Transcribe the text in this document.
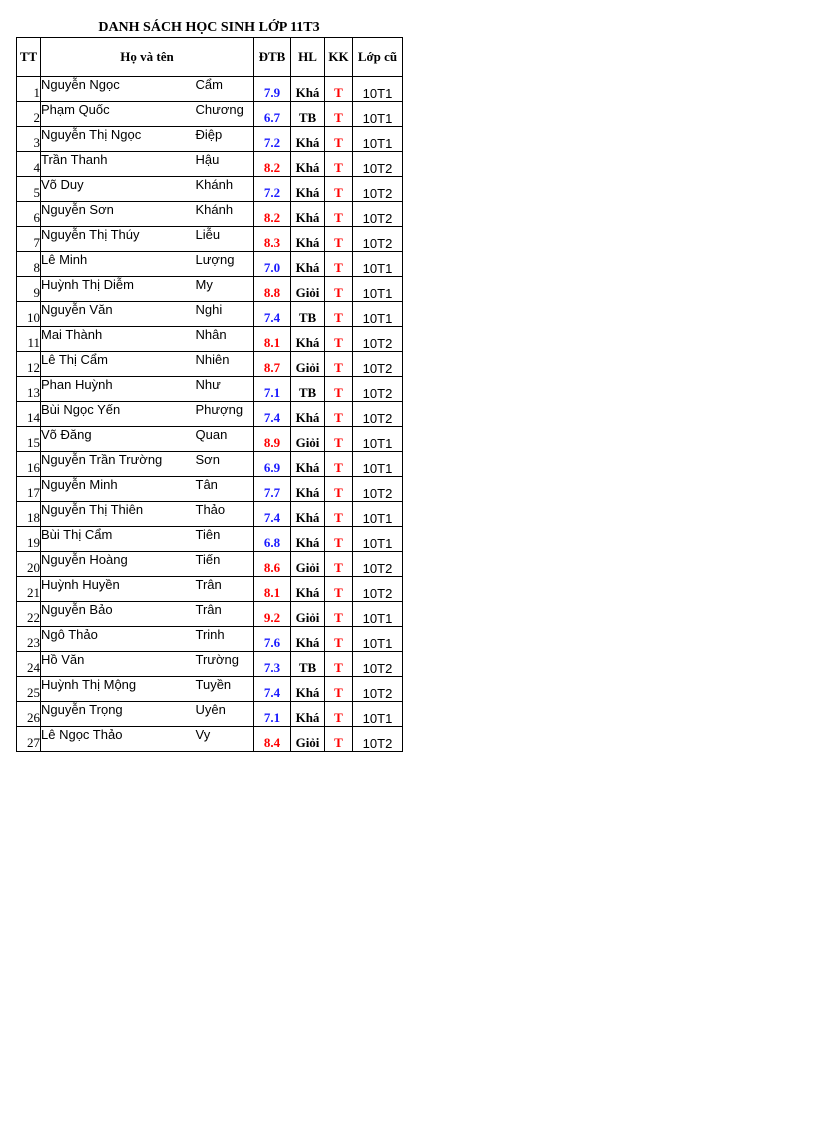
DANH SÁCH HỌC SINH LỚP 11T3
TT	Họ và tên		ĐTB	HL	KK	Lớp cũ
1	Nguyễn Ngọc	Cẩm	7.9	Khá	T	10T1
2	Phạm Quốc	Chương	6.7	TB	T	10T1
3	Nguyễn Thị Ngọc	Điệp	7.2	Khá	T	10T1
4	Trần Thanh	Hậu	8.2	Khá	T	10T2
5	Võ Duy	Khánh	7.2	Khá	T	10T2
6	Nguyễn Sơn	Khánh	8.2	Khá	T	10T2
7	Nguyễn Thị Thúy	Liễu	8.3	Khá	T	10T2
8	Lê Minh	Lượng	7.0	Khá	T	10T1
9	Huỳnh Thị Diễm	My	8.8	Giỏi	T	10T1
10	Nguyễn Văn	Nghi	7.4	TB	T	10T1
11	Mai Thành	Nhân	8.1	Khá	T	10T2
12	Lê Thị Cẩm	Nhiên	8.7	Giỏi	T	10T2
13	Phan Huỳnh	Như	7.1	TB	T	10T2
14	Bùi Ngọc Yến	Phượng	7.4	Khá	T	10T2
15	Võ Đăng	Quan	8.9	Giỏi	T	10T1
16	Nguyễn Trần Trường	Sơn	6.9	Khá	T	10T1
17	Nguyễn Minh	Tân	7.7	Khá	T	10T2
18	Nguyễn Thị Thiên	Thảo	7.4	Khá	T	10T1
19	Bùi Thị Cẩm	Tiên	6.8	Khá	T	10T1
20	Nguyễn Hoàng	Tiến	8.6	Giỏi	T	10T2
21	Huỳnh Huyền	Trân	8.1	Khá	T	10T2
22	Nguyễn Bảo	Trân	9.2	Giỏi	T	10T1
23	Ngô Thảo	Trinh	7.6	Khá	T	10T1
24	Hồ Văn	Trường	7.3	TB	T	10T2
25	Huỳnh Thị Mộng	Tuyền	7.4	Khá	T	10T2
26	Nguyễn Trọng	Uyên	7.1	Khá	T	10T1
27	Lê Ngọc Thảo	Vy	8.4	Giỏi	T	10T2
